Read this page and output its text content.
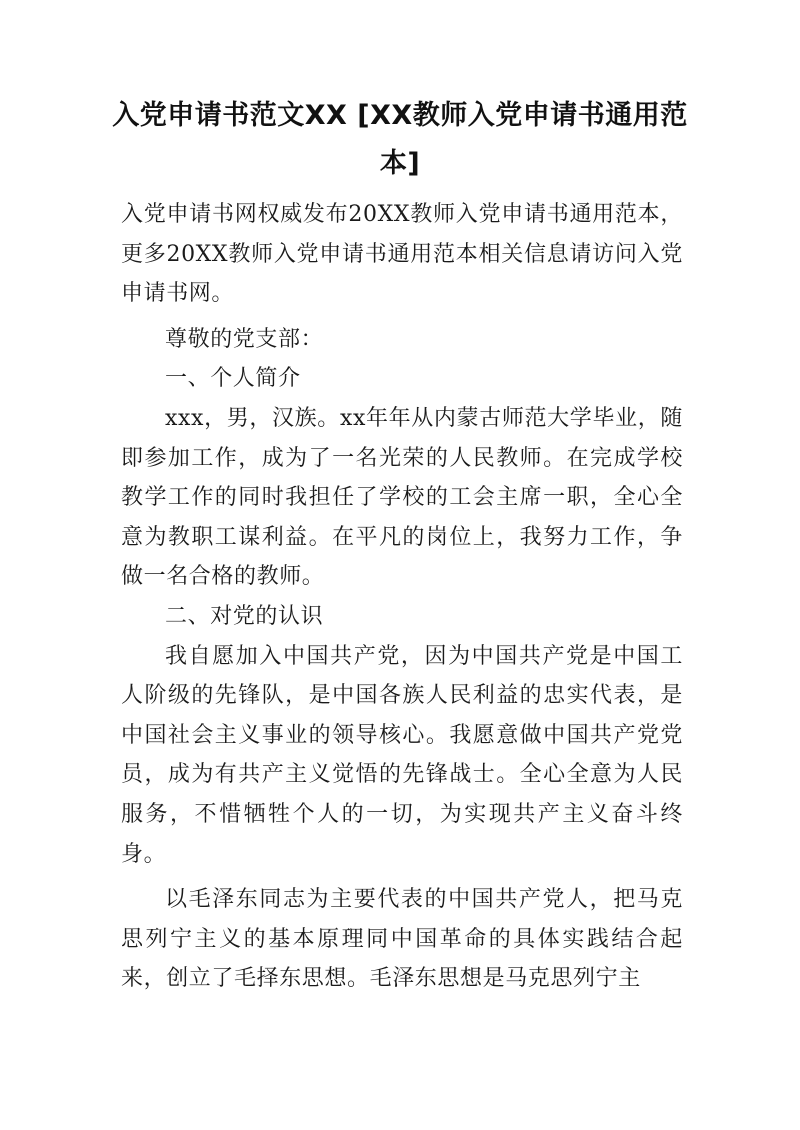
入党申请书范文XX [XX教师入党申请书通用范本]

入党申请书网权威发布20XX教师入党申请书通用范本，更多20XX教师入党申请书通用范本相关信息请访问入党申请书网。

尊敬的党支部：

一、个人简介

xxx，男，汉族。xx年年从内蒙古师范大学毕业，随即参加工作，成为了一名光荣的人民教师。在完成学校教学工作的同时我担任了学校的工会主席一职，全心全意为教职工谋利益。在平凡的岗位上，我努力工作，争做一名合格的教师。

二、对党的认识

我自愿加入中国共产党，因为中国共产党是中国工人阶级的先锋队，是中国各族人民利益的忠实代表，是中国社会主义事业的领导核心。我愿意做中国共产党党员，成为有共产主义觉悟的先锋战士。全心全意为人民服务，不惜牺牲个人的一切，为实现共产主义奋斗终身。

以毛泽东同志为主要代表的中国共产党人，把马克思列宁主义的基本原理同中国革命的具体实践结合起来，创立了毛择东思想。毛泽东思想是马克思列宁主
